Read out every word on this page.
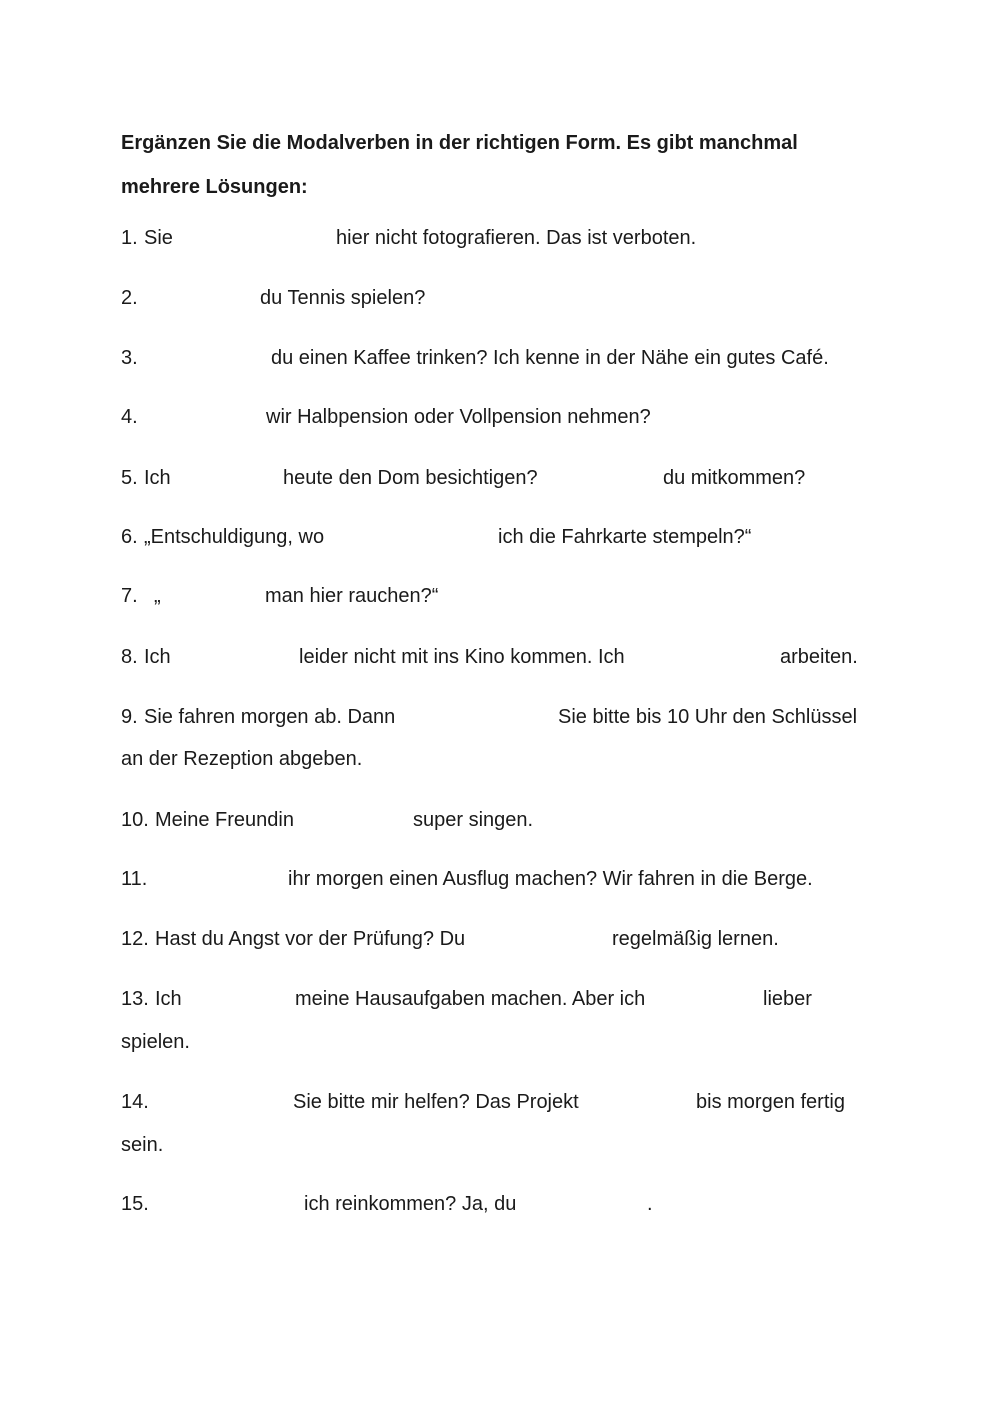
Ergänzen Sie die Modalverben in der richtigen Form. Es gibt manchmal mehrere Lösungen:
1. Sie	hier nicht fotografieren. Das ist verboten.
2.	du Tennis spielen?
3.	du einen Kaffee trinken? Ich kenne in der Nähe ein gutes Café.
4.	wir Halbpension oder Vollpension nehmen?
5. Ich	heute den Dom besichtigen?	du mitkommen?
6. „Entschuldigung, wo	ich die Fahrkarte stempeln?“
7. „	man hier rauchen?“
8. Ich	leider nicht mit ins Kino kommen. Ich	arbeiten.
9. Sie fahren morgen ab. Dann	Sie bitte bis 10 Uhr den Schlüssel
an der Rezeption abgeben.
10. Meine Freundin	super singen.
11.	ihr morgen einen Ausflug machen? Wir fahren in die Berge.
12. Hast du Angst vor der Prüfung? Du	regelmäßig lernen.
13. Ich	meine Hausaufgaben machen. Aber ich	lieber
spielen.
14.	Sie bitte mir helfen? Das Projekt	bis morgen fertig
sein.
15.	ich reinkommen? Ja, du	.
